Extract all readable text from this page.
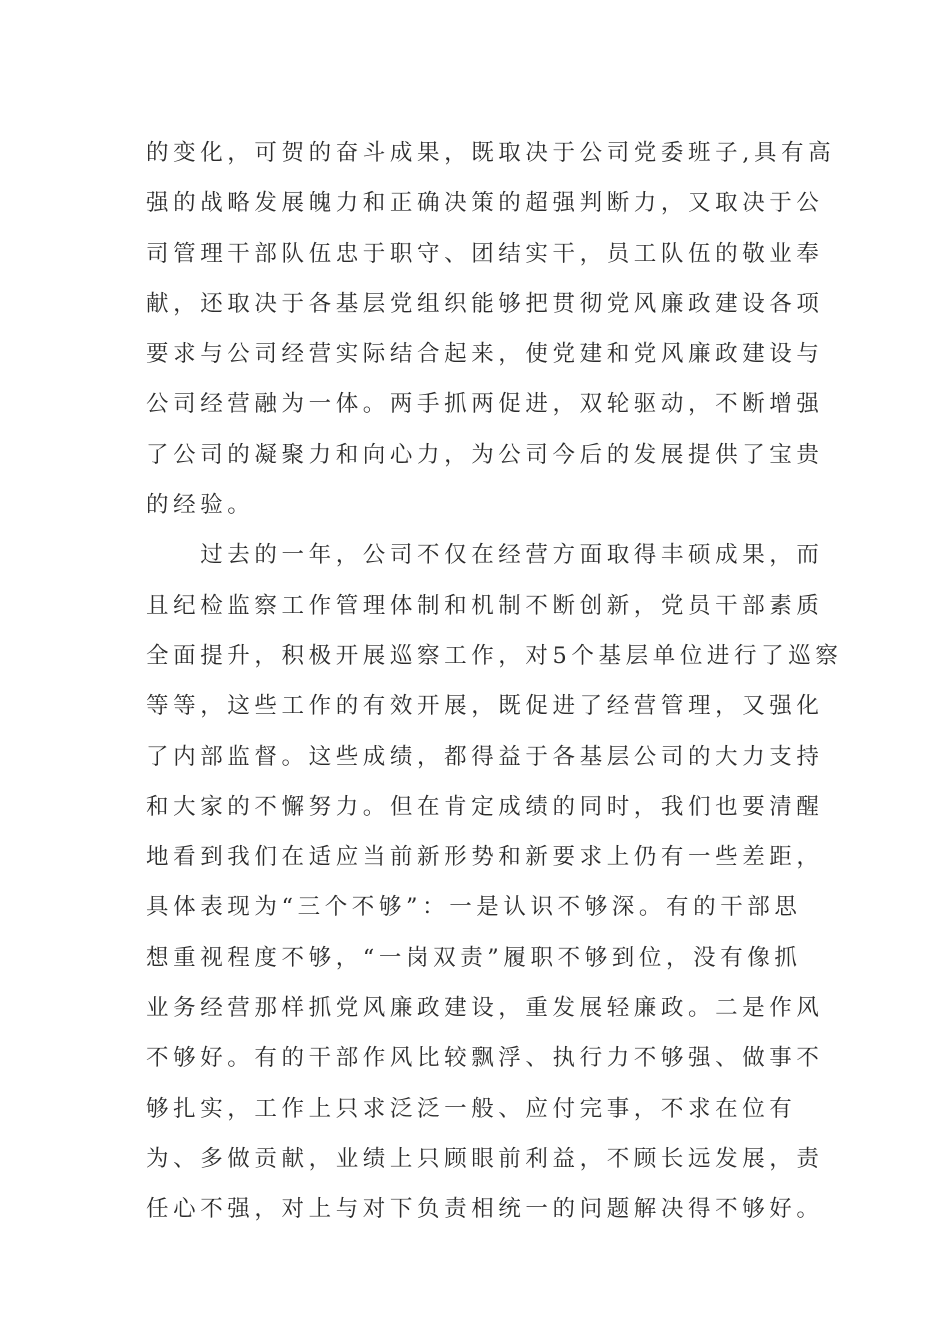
的变化，可贺的奋斗成果，既取决于公司党委班子,具有高
强的战略发展魄力和正确决策的超强判断力，又取决于公
司管理干部队伍忠于职守、团结实干，员工队伍的敬业奉
献，还取决于各基层党组织能够把贯彻党风廉政建设各项
要求与公司经营实际结合起来，使党建和党风廉政建设与
公司经营融为一体。两手抓两促进，双轮驱动，不断增强
了公司的凝聚力和向心力，为公司今后的发展提供了宝贵
的经验。
　　过去的一年，公司不仅在经营方面取得丰硕成果，而
且纪检监察工作管理体制和机制不断创新，党员干部素质
全面提升，积极开展巡察工作，对5个基层单位进行了巡察
等等，这些工作的有效开展，既促进了经营管理，又强化
了内部监督。这些成绩，都得益于各基层公司的大力支持
和大家的不懈努力。但在肯定成绩的同时，我们也要清醒
地看到我们在适应当前新形势和新要求上仍有一些差距，
具体表现为“三个不够”：一是认识不够深。有的干部思
想重视程度不够，“一岗双责”履职不够到位，没有像抓
业务经营那样抓党风廉政建设，重发展轻廉政。二是作风
不够好。有的干部作风比较飘浮、执行力不够强、做事不
够扎实，工作上只求泛泛一般、应付完事，不求在位有
为、多做贡献，业绩上只顾眼前利益，不顾长远发展，责
任心不强，对上与对下负责相统一的问题解决得不够好。
